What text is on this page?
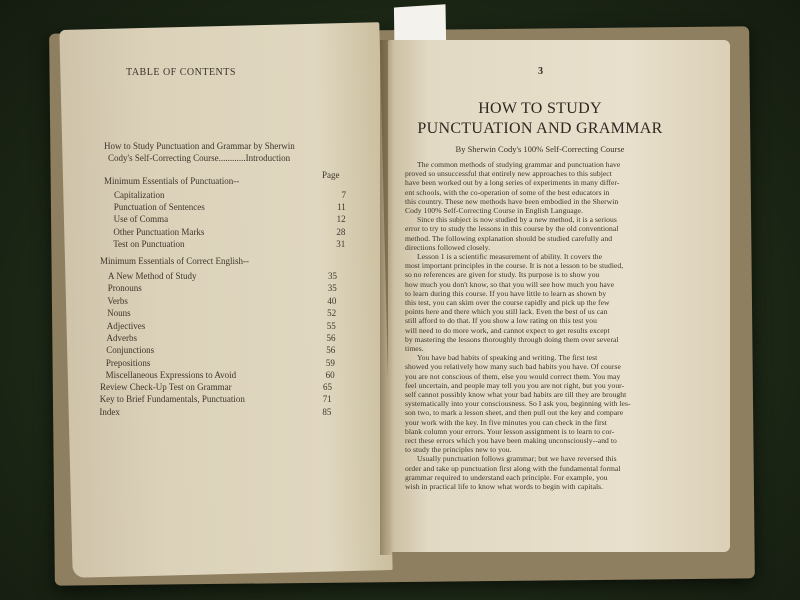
TABLE OF CONTENTS
How to Study Punctuation and Grammar by Sherwin
Cody's Self-Correcting Course............Introduction
Page
Minimum Essentials of Punctuation--
Capitalization	7
Punctuation of Sentences	11
Use of Comma	12
Other Punctuation Marks	28
Test on Punctuation	31
Minimum Essentials of Correct English--
A New Method of Study	35
Pronouns	35
Verbs	40
Nouns	52
Adjectives	55
Adverbs	56
Conjunctions	56
Prepositions	59
Miscellaneous Expressions to Avoid	60
Review Check-Up Test on Grammar	65
Key to Brief Fundamentals, Punctuation	71
Index	85
3
HOW TO STUDY
PUNCTUATION AND GRAMMAR
By Sherwin Cody's 100% Self-Correcting Course
The common methods of studying grammar and punctuation have
proved so unsuccessful that entirely new approaches to this subject
have been worked out by a long series of experiments in many differ-
ent schools, with the co-operation of some of the best educators in
this country. These new methods have been embodied in the Sherwin
Cody 100% Self-Correcting Course in English Language.
Since this subject is now studied by a new method, it is a serious
error to try to study the lessons in this course by the old conventional
method. The following explanation should be studied carefully and
directions followed closely.
Lesson 1 is a scientific measurement of ability. It covers the
most important principles in the course. It is not a lesson to be studied,
so no references are given for study. Its purpose is to show you
how much you don't know, so that you will see how much you have
to learn during this course. If you have little to learn as shown by
this test, you can skim over the course rapidly and pick up the few
points here and there which you still lack. Even the best of us can
still afford to do that. If you show a low rating on this test you
will need to do more work, and cannot expect to get results except
by mastering the lessons thoroughly through doing them over several
times.
You have bad habits of speaking and writing. The first test
showed you relatively how many such bad habits you have. Of course
you are not conscious of them, else you would correct them. You may
feel uncertain, and people may tell you you are not right, but you your-
self cannot possibly know what your bad habits are till they are brought
systematically into your consciousness. So I ask you, beginning with les-
son two, to mark a lesson sheet, and then pull out the key and compare
your work with the key. In five minutes you can check in the first
blank column your errors. Your lesson assignment is to learn to cor-
rect these errors which you have been making unconsciously--and to
to study the principles new to you.
Usually punctuation follows grammar; but we have reversed this
order and take up punctuation first along with the fundamental formal
grammar required to understand each principle. For example, you
wish in practical life to know what words to begin with capitals.
